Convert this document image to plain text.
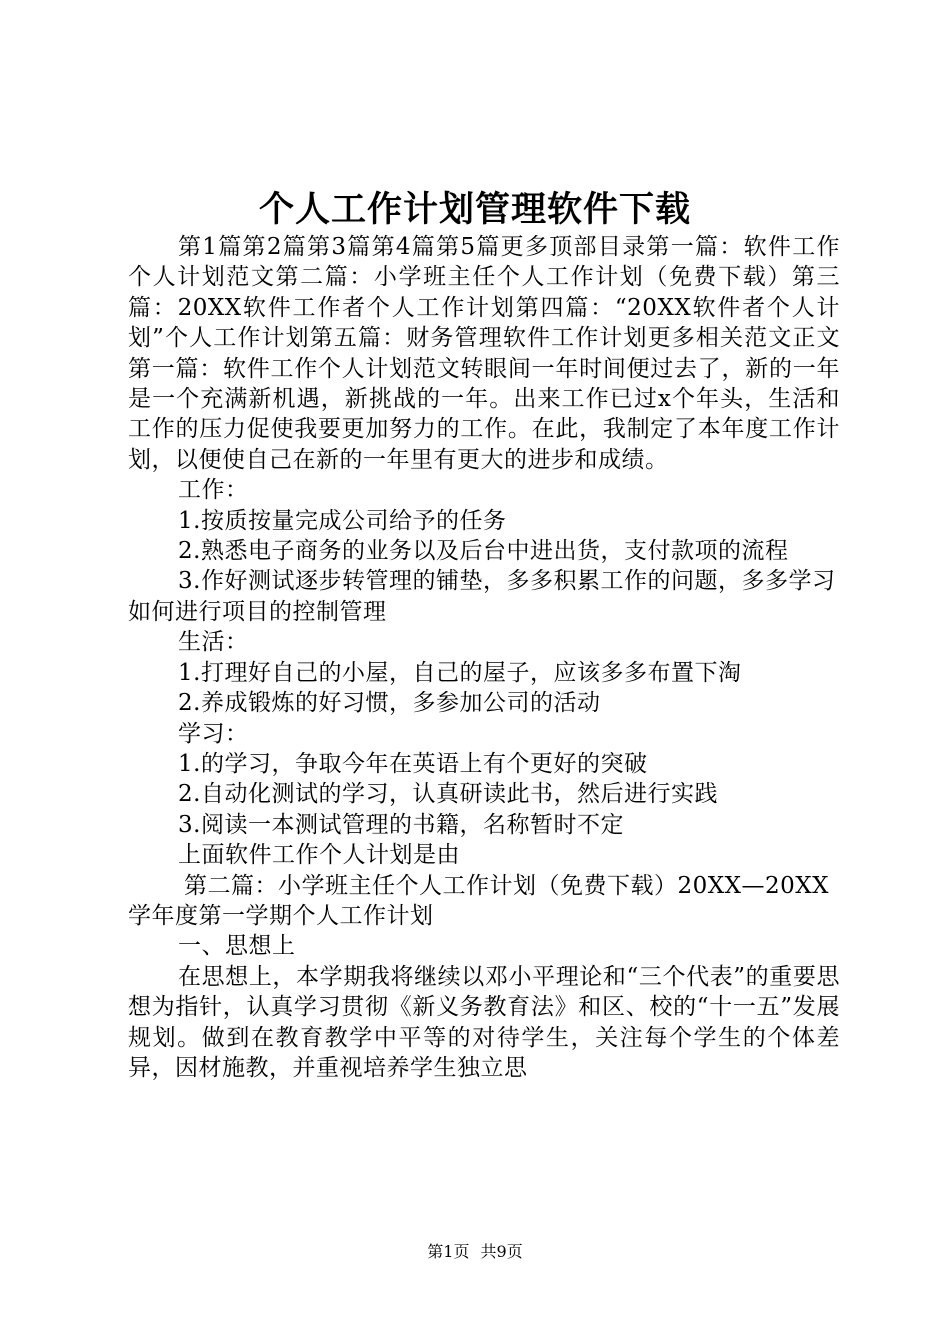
个人工作计划管理软件下载

第1篇第2篇第3篇第4篇第5篇更多顶部目录第一篇：软件工作个人计划范文第二篇：小学班主任个人工作计划（免费下载）第三篇：20XX软件工作者个人工作计划第四篇：“20XX软件者个人计划”个人工作计划第五篇：财务管理软件工作计划更多相关范文正文第一篇：软件工作个人计划范文转眼间一年时间便过去了，新的一年是一个充满新机遇，新挑战的一年。出来工作已过x个年头，生活和工作的压力促使我要更加努力的工作。在此，我制定了本年度工作计划，以便使自己在新的一年里有更大的进步和成绩。

工作：

1.按质按量完成公司给予的任务

2.熟悉电子商务的业务以及后台中进出货，支付款项的流程

3.作好测试逐步转管理的铺垫，多多积累工作的问题，多多学习如何进行项目的控制管理

生活：

1.打理好自己的小屋，自己的屋子，应该多多布置下淘

2.养成锻炼的好习惯，多参加公司的活动

学习：

1.的学习，争取今年在英语上有个更好的突破

2.自动化测试的学习，认真研读此书，然后进行实践

3.阅读一本测试管理的书籍，名称暂时不定

上面软件工作个人计划是由

第二篇：小学班主任个人工作计划（免费下载）20XX—20XX学年度第一学期个人工作计划

一、思想上

在思想上，本学期我将继续以邓小平理论和“三个代表”的重要思想为指针，认真学习贯彻《新义务教育法》和区、校的“十一五”发展规划。做到在教育教学中平等的对待学生，关注每个学生的个体差异，因材施教，并重视培养学生独立思

第1页 共9页
